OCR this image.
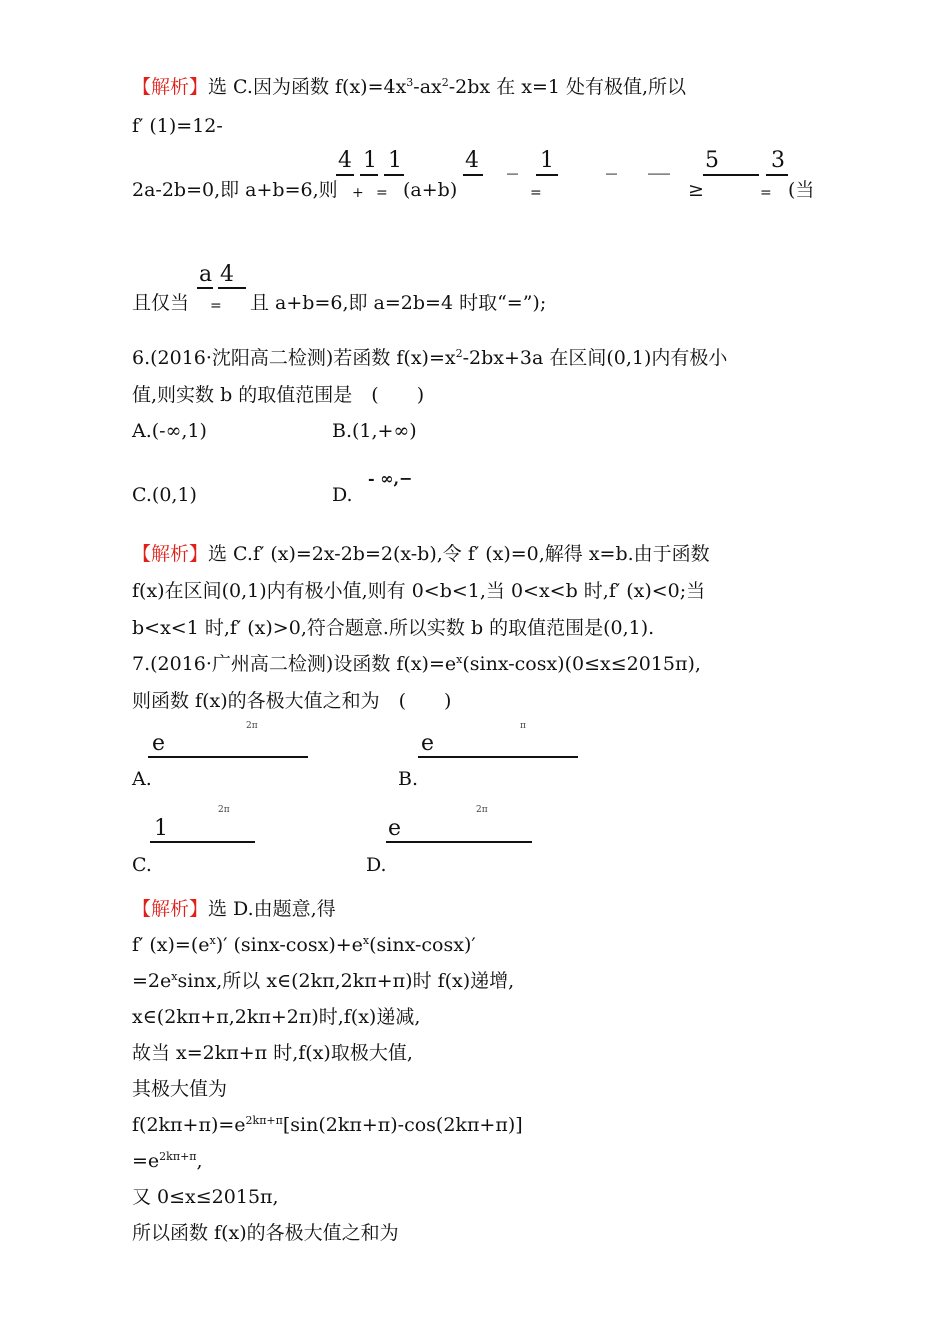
【解析】选 C.因为函数 $f(x)=4x^3-ax^2-2bx$ 在 x=1 处有极值,所以
f′ (1)=12-
4 1 1	4 _ 1 _ __ 5 3
2a-2b=0,即 a+b=6,则 + = (a+b)	=	≥	= (当
a 4
且仅当 = 且 a+b=6,即 a=2b=4 时取“=”);
6.(2016·沈阳高二检测)若函数 $f(x)=x^2-2bx+3a$ 在区间(0,1)内有极小
值,则实数 b 的取值范围是　(　　)
A.(-∞,1)	B.(1,+∞)
C.(0,1)	D.
- ∞,−
【解析】选 C.f′ (x)=2x-2b=2(x-b),令 f′ (x)=0,解得 x=b.由于函数
f(x)在区间(0,1)内有极小值,则有 0<b<1,当 0<x<b 时,f′ (x)<0;当
b<x<1 时,f′ (x)>0,符合题意.所以实数 b 的取值范围是(0,1).
7.(2016·广州高二检测)设函数 $f(x)=e^x(\sin x-\cos x)(0\le x\le 2015\pi)$,
则函数 f(x)的各极大值之和为　(　　)
2π
e
A.
π
e
B.
2π
1
C.
2π
e
D.
【解析】选 D.由题意,得
f′ $(x)=(e^x)'$ $(\sin x-\cos x)+e^x(\sin x-\cos x)'$
$=2e^x\sin x$,所以 x∈(2kπ,2kπ+π)时 f(x)递增,
x∈(2kπ+π,2kπ+2π)时,f(x)递减,
故当 x=2kπ+π 时,f(x)取极大值,
其极大值为
$f(2k\pi+\pi)=e^{2k\pi+\pi}[\sin(2k\pi+\pi)-\cos(2k\pi+\pi)]$
$=e^{2k\pi+\pi}$,
又 0≤x≤2015π,
所以函数 f(x)的各极大值之和为
